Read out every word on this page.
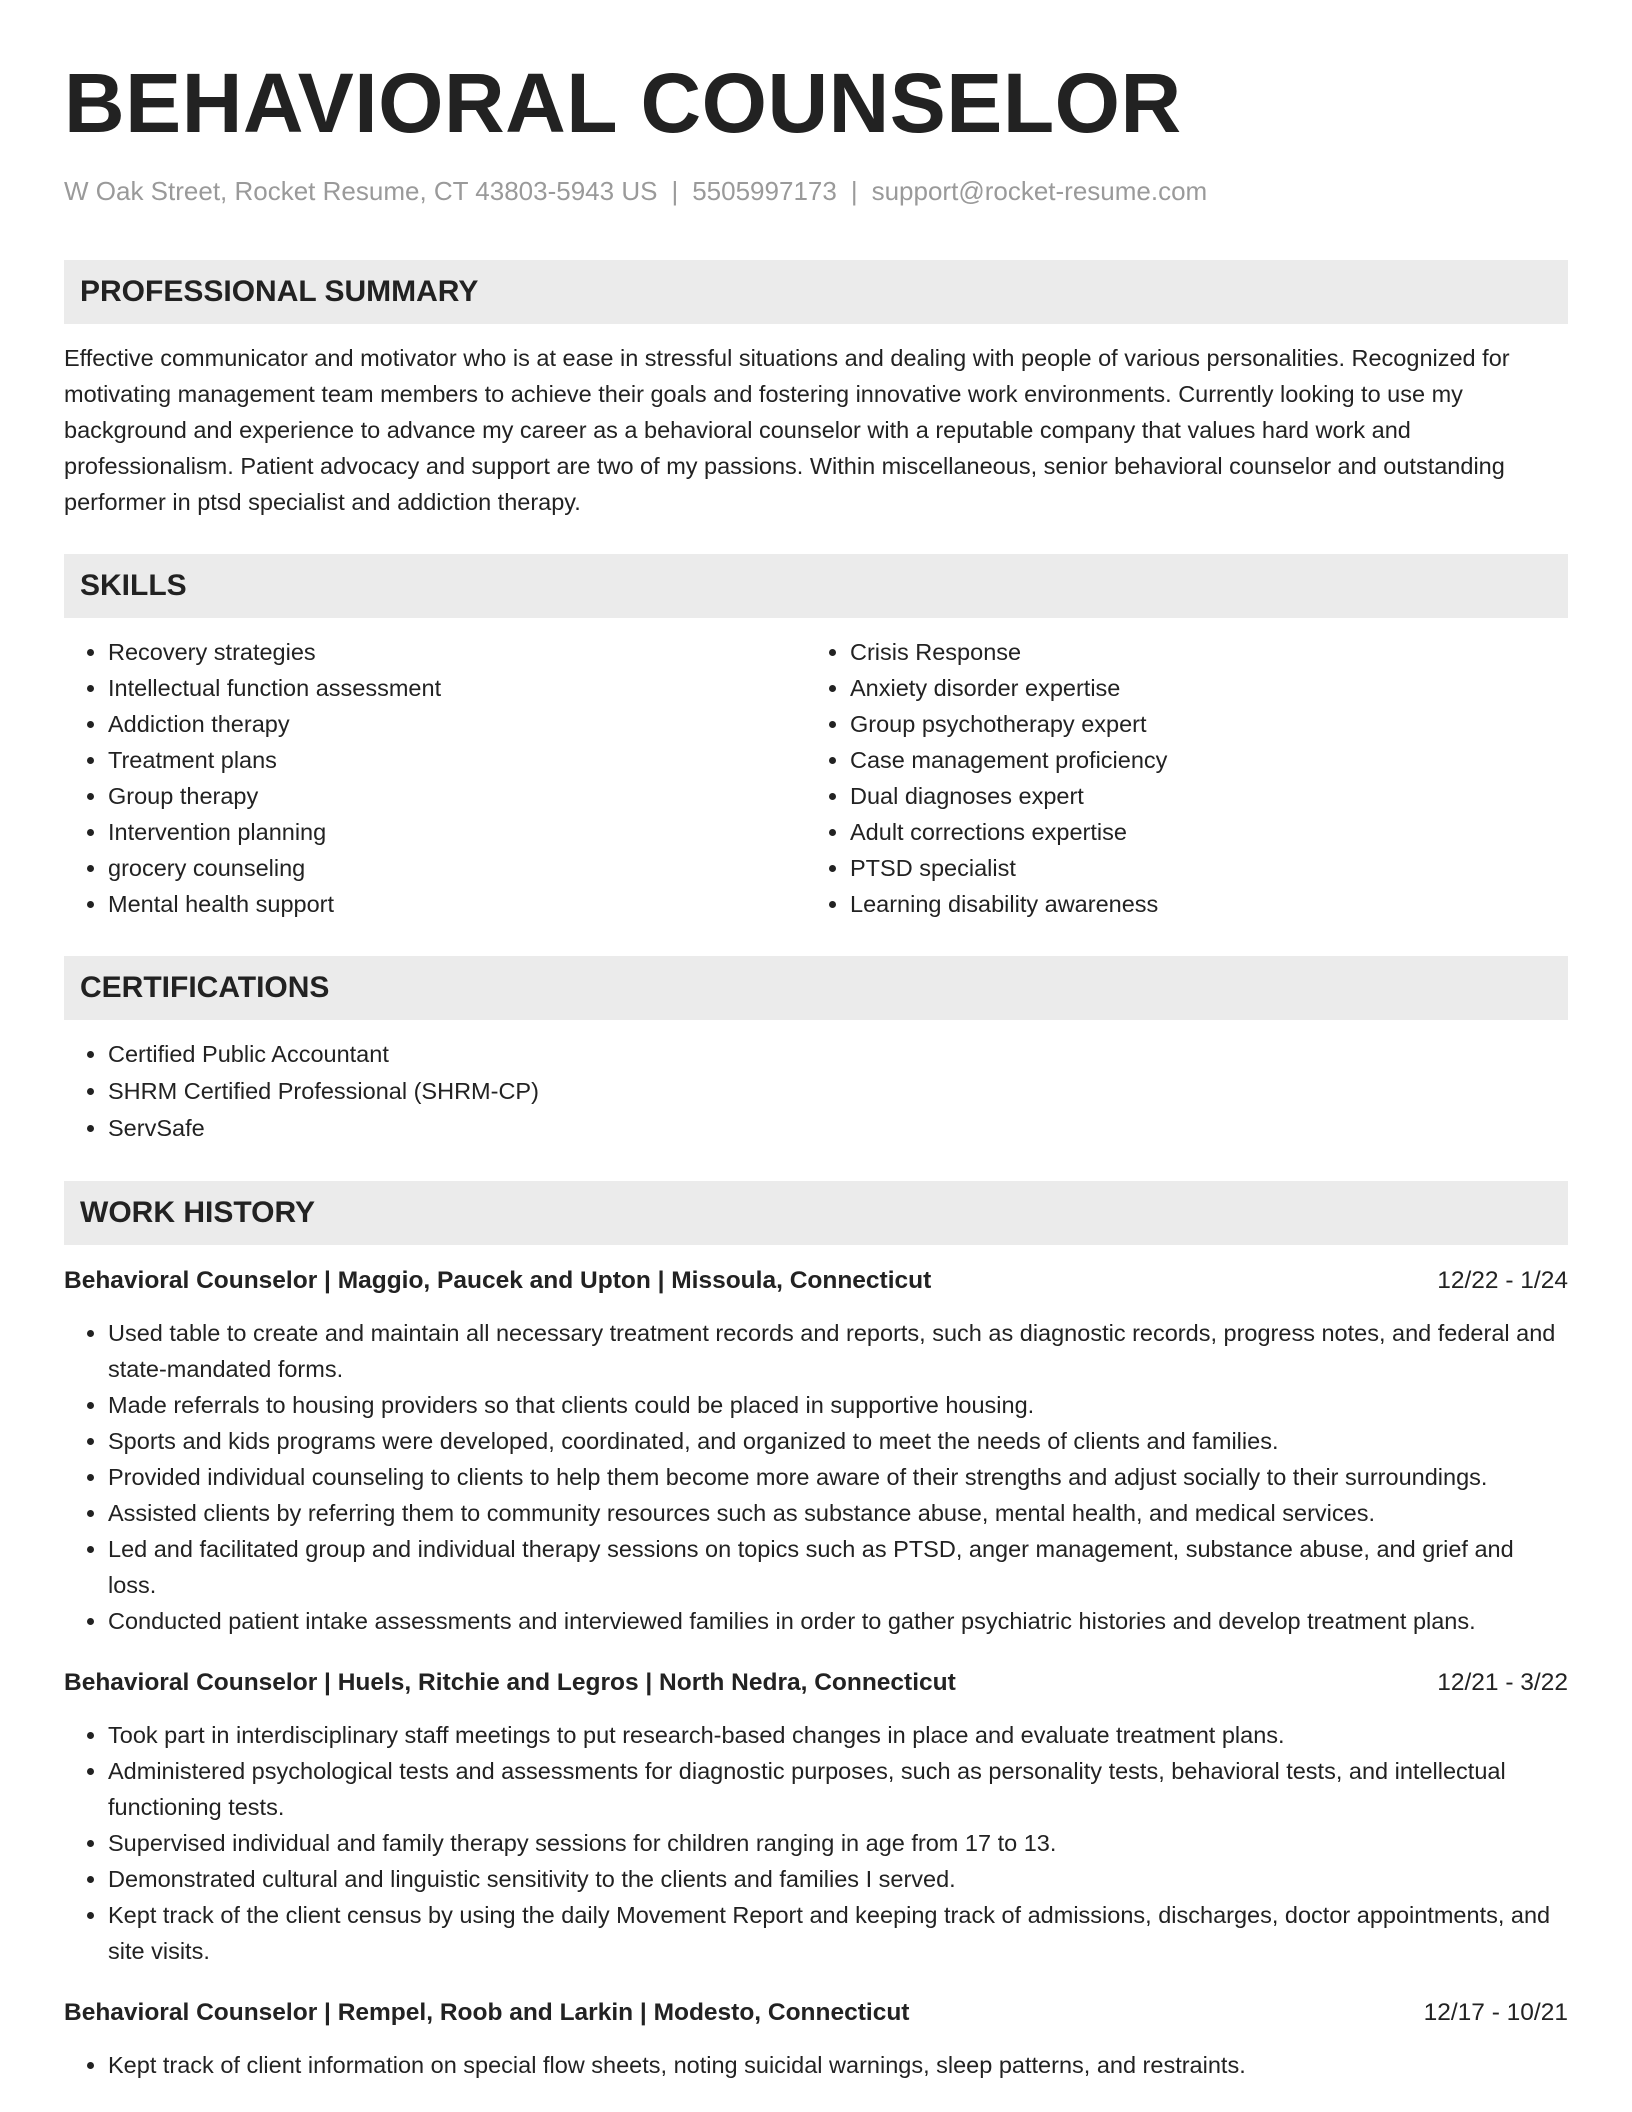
BEHAVIORAL COUNSELOR
W Oak Street, Rocket Resume, CT 43803-5943 US | 5505997173 | support@rocket-resume.com
PROFESSIONAL SUMMARY
Effective communicator and motivator who is at ease in stressful situations and dealing with people of various personalities. Recognized for motivating management team members to achieve their goals and fostering innovative work environments. Currently looking to use my background and experience to advance my career as a behavioral counselor with a reputable company that values hard work and professionalism. Patient advocacy and support are two of my passions. Within miscellaneous, senior behavioral counselor and outstanding performer in ptsd specialist and addiction therapy.
SKILLS
• Recovery strategies
• Intellectual function assessment
• Addiction therapy
• Treatment plans
• Group therapy
• Intervention planning
• grocery counseling
• Mental health support
• Crisis Response
• Anxiety disorder expertise
• Group psychotherapy expert
• Case management proficiency
• Dual diagnoses expert
• Adult corrections expertise
• PTSD specialist
• Learning disability awareness
CERTIFICATIONS
• Certified Public Accountant
• SHRM Certified Professional (SHRM-CP)
• ServSafe
WORK HISTORY
Behavioral Counselor | Maggio, Paucek and Upton | Missoula, Connecticut	12/22 - 1/24
• Used table to create and maintain all necessary treatment records and reports, such as diagnostic records, progress notes, and federal and state-mandated forms.
• Made referrals to housing providers so that clients could be placed in supportive housing.
• Sports and kids programs were developed, coordinated, and organized to meet the needs of clients and families.
• Provided individual counseling to clients to help them become more aware of their strengths and adjust socially to their surroundings.
• Assisted clients by referring them to community resources such as substance abuse, mental health, and medical services.
• Led and facilitated group and individual therapy sessions on topics such as PTSD, anger management, substance abuse, and grief and loss.
• Conducted patient intake assessments and interviewed families in order to gather psychiatric histories and develop treatment plans.
Behavioral Counselor | Huels, Ritchie and Legros | North Nedra, Connecticut	12/21 - 3/22
• Took part in interdisciplinary staff meetings to put research-based changes in place and evaluate treatment plans.
• Administered psychological tests and assessments for diagnostic purposes, such as personality tests, behavioral tests, and intellectual functioning tests.
• Supervised individual and family therapy sessions for children ranging in age from 17 to 13.
• Demonstrated cultural and linguistic sensitivity to the clients and families I served.
• Kept track of the client census by using the daily Movement Report and keeping track of admissions, discharges, doctor appointments, and site visits.
Behavioral Counselor | Rempel, Roob and Larkin | Modesto, Connecticut	12/17 - 10/21
• Kept track of client information on special flow sheets, noting suicidal warnings, sleep patterns, and restraints.
